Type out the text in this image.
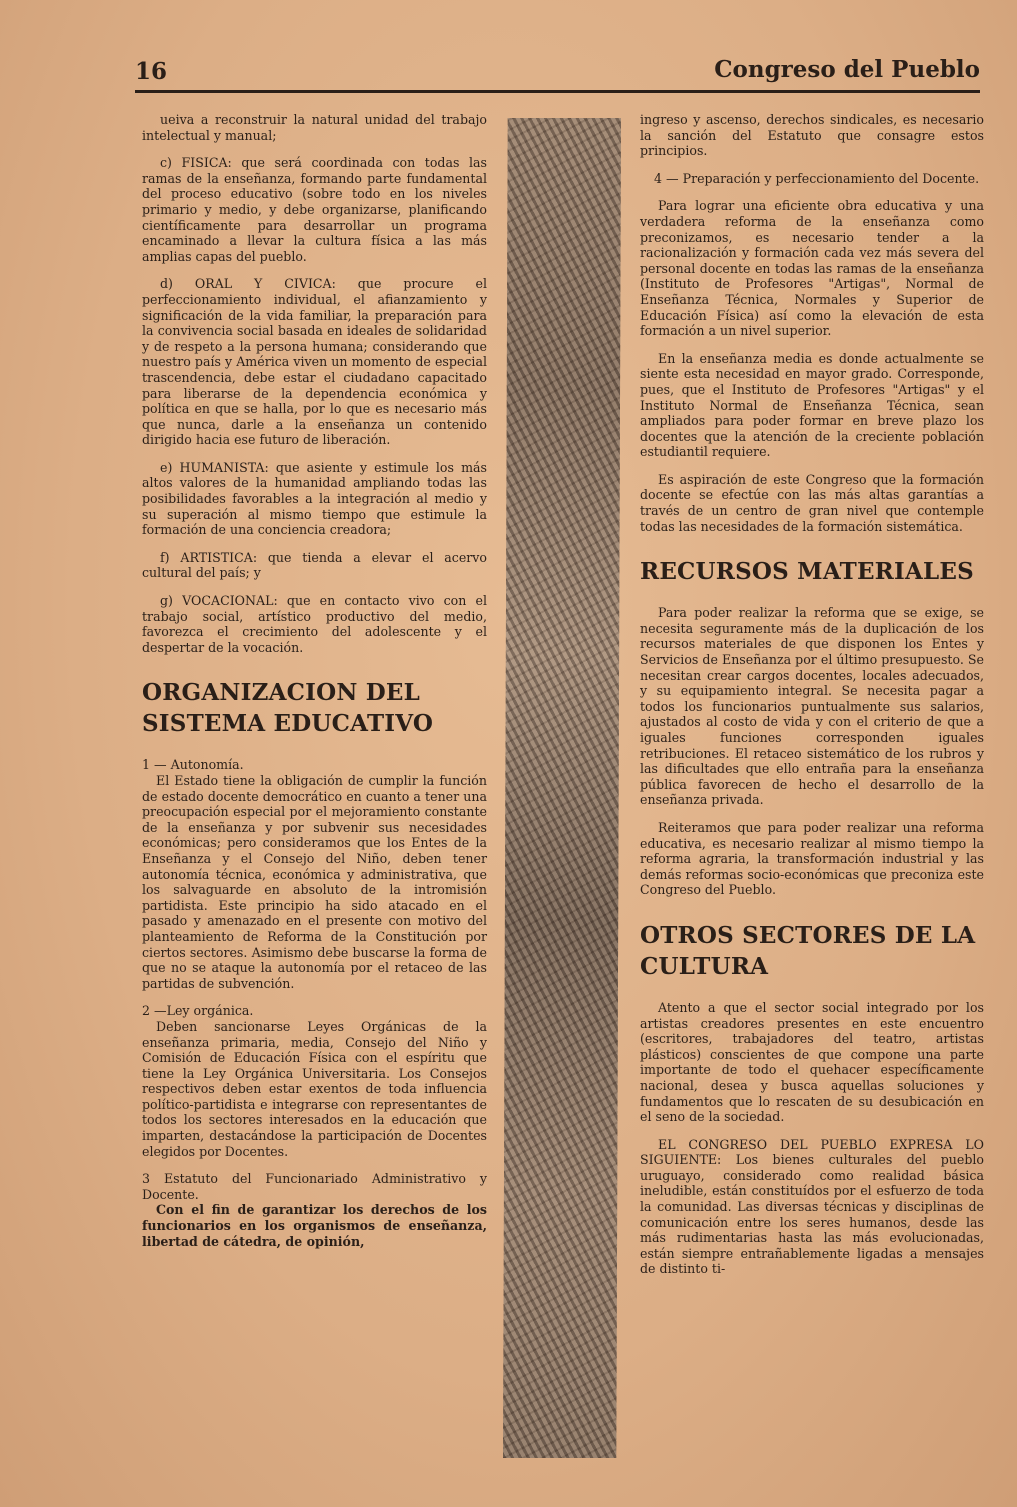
16	Congreso del Pueblo

ueiva a reconstruir la natural unidad del trabajo intelectual y manual;

c) FISICA: que será coordinada con todas las ramas de la enseñanza, formando parte fundamental del proceso educativo (sobre todo en los niveles primario y medio, y debe organizarse, planificando científicamente para desarrollar un programa encaminado a llevar la cultura física a las más amplias capas del pueblo.

d) ORAL Y CIVICA: que procure el perfeccionamiento individual, el afianzamiento y significación de la vida familiar, la preparación para la convivencia social basada en ideales de solidaridad y de respeto a la persona humana; considerando que nuestro país y América viven un momento de especial trascendencia, debe estar el ciudadano capacitado para liberarse de la dependencia económica y política en que se halla, por lo que es necesario más que nunca, darle a la enseñanza un contenido dirigido hacia ese futuro de liberación.

e) HUMANISTA: que asiente y estimule los más altos valores de la humanidad ampliando todas las posibilidades favorables a la integración al medio y su superación al mismo tiempo que estimule la formación de una conciencia creadora;

f) ARTISTICA: que tienda a elevar el acervo cultural del país; y

g) VOCACIONAL: que en contacto vivo con el trabajo social, artístico productivo del medio, favorezca el crecimiento del adolescente y el despertar de la vocación.

ORGANIZACION DEL SISTEMA EDUCATIVO

1 — Autonomía.

El Estado tiene la obligación de cumplir la función de estado docente democrático en cuanto a tener una preocupación especial por el mejoramiento constante de la enseñanza y por subvenir sus necesidades económicas; pero consideramos que los Entes de la Enseñanza y el Consejo del Niño, deben tener autonomía técnica, económica y administrativa, que los salvaguarde en absoluto de la intromisión partidista. Este principio ha sido atacado en el pasado y amenazado en el presente con motivo del planteamiento de Reforma de la Constitución por ciertos sectores. Asimismo debe buscarse la forma de que no se ataque la autonomía por el retaceo de las partidas de subvención.

2 —Ley orgánica.

Deben sancionarse Leyes Orgánicas de la enseñanza primaria, media, Consejo del Niño y Comisión de Educación Física con el espíritu que tiene la Ley Orgánica Universitaria. Los Consejos respectivos deben estar exentos de toda influencia político-partidista e integrarse con representantes de todos los sectores interesados en la educación que imparten, destacándose la participación de Docentes elegidos por Docentes.

3 Estatuto del Funcionariado Administrativo y Docente.

Con el fin de garantizar los derechos de los funcionarios en los organismos de enseñanza, libertad de cátedra, de opinión,

ingreso y ascenso, derechos sindicales, es necesario la sanción del Estatuto que consagre estos principios.

4 — Preparación y perfeccionamiento del Docente.

Para lograr una eficiente obra educativa y una verdadera reforma de la enseñanza como preconizamos, es necesario tender a la racionalización y formación cada vez más severa del personal docente en todas las ramas de la enseñanza (Instituto de Profesores "Artigas", Normal de Enseñanza Técnica, Normales y Superior de Educación Física) así como la elevación de esta formación a un nivel superior.

En la enseñanza media es donde actualmente se siente esta necesidad en mayor grado. Corresponde, pues, que el Instituto de Profesores "Artigas" y el Instituto Normal de Enseñanza Técnica, sean ampliados para poder formar en breve plazo los docentes que la atención de la creciente población estudiantil requiere.

Es aspiración de este Congreso que la formación docente se efectúe con las más altas garantías a través de un centro de gran nivel que contemple todas las necesidades de la formación sistemática.

RECURSOS MATERIALES

Para poder realizar la reforma que se exige, se necesita seguramente más de la duplicación de los recursos materiales de que disponen los Entes y Servicios de Enseñanza por el último presupuesto. Se necesitan crear cargos docentes, locales adecuados, y su equipamiento integral. Se necesita pagar a todos los funcionarios puntualmente sus salarios, ajustados al costo de vida y con el criterio de que a iguales funciones corresponden iguales retribuciones. El retaceo sistemático de los rubros y las dificultades que ello entraña para la enseñanza pública favorecen de hecho el desarrollo de la enseñanza privada.

Reiteramos que para poder realizar una reforma educativa, es necesario realizar al mismo tiempo la reforma agraria, la transformación industrial y las demás reformas socio-económicas que preconiza este Congreso del Pueblo.

OTROS SECTORES DE LA CULTURA

Atento a que el sector social integrado por los artistas creadores presentes en este encuentro (escritores, trabajadores del teatro, artistas plásticos) conscientes de que compone una parte importante de todo el quehacer específicamente nacional, desea y busca aquellas soluciones y fundamentos que lo rescaten de su desubicación en el seno de la sociedad.

EL CONGRESO DEL PUEBLO EXPRESA LO SIGUIENTE: Los bienes culturales del pueblo uruguayo, considerado como realidad básica ineludible, están constituídos por el esfuerzo de toda la comunidad. Las diversas técnicas y disciplinas de comunicación entre los seres humanos, desde las más rudimentarias hasta las más evolucionadas, están siempre entrañablemente ligadas a mensajes de distinto ti-
